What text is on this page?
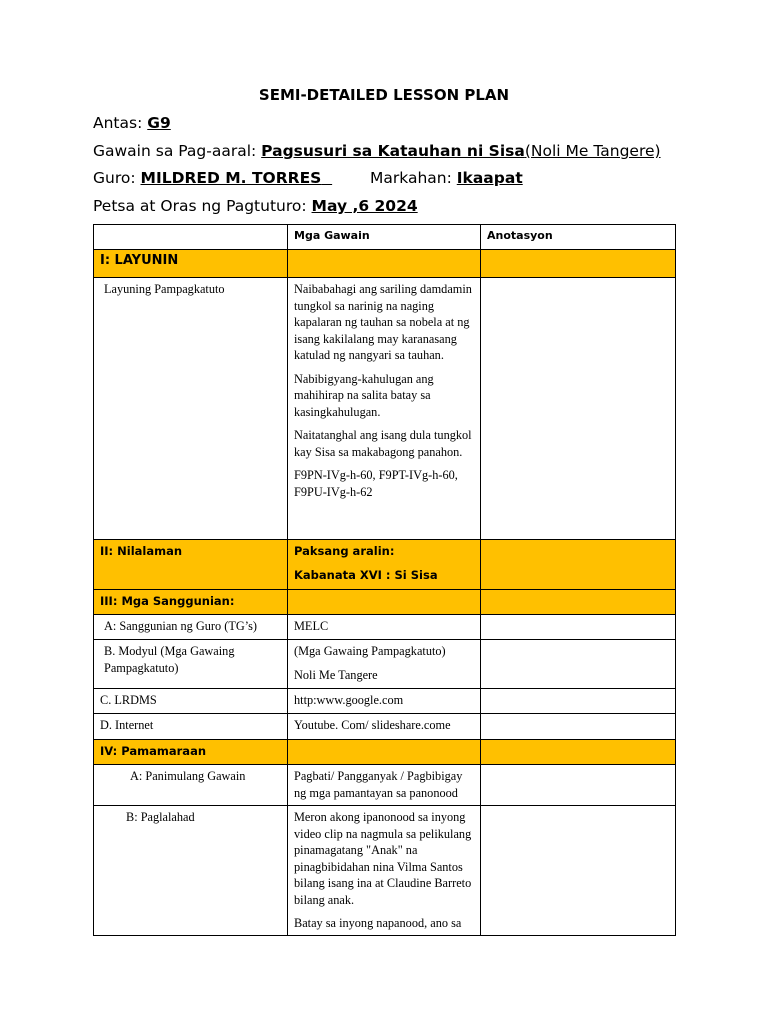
SEMI-DETAILED LESSON PLAN
Antas: G9
Gawain sa Pag-aaral: Pagsusuri sa Katauhan ni Sisa(Noli Me Tangere)
Guro: MILDRED M. TORRES	Markahan: Ikaapat
Petsa at Oras ng Pagtuturo: May ,6 2024
	Mga Gawain	Anotasyon
I: LAYUNIN		

Layuning Pampagkatuto	Naibabahagi ang sariling damdamin tungkol sa narinig na naging kapalaran ng tauhan sa nobela at ng isang kakilalang may karanasang katulad ng nangyari sa tauhan.

Nabibigyang-kahulugan ang mahihirap na salita batay sa kasingkahulugan.

Naitatanghal ang isang dula tungkol kay Sisa sa makabagong panahon.

F9PN-IVg-h-60, F9PT-IVg-h-60, F9PU-IVg-h-62	

II: Nilalaman	Paksang aralin:

Kabanata XVI : Si Sisa	

III: Mga Sanggunian:		

A: Sanggunian ng Guro (TG’s)	MELC	

B. Modyul (Mga Gawaing Pampagkatuto)	(Mga Gawaing Pampagkatuto)

Noli Me Tangere	

C. LRDMS	http:www.google.com	
D. Internet	Youtube. Com/ slideshare.come	
IV: Pamamaraan		

A: Panimulang Gawain	Pagbati/ Pangganyak / Pagbibigay ng mga pamantayan sa panonood	

B: Paglalahad	Meron akong ipanonood sa inyong video clip na nagmula sa pelikulang pinamagatang "Anak" na pinagbibidahan nina Vilma Santos bilang isang ina at Claudine Barreto bilang anak.

Batay sa inyong napanood, ano sa	
